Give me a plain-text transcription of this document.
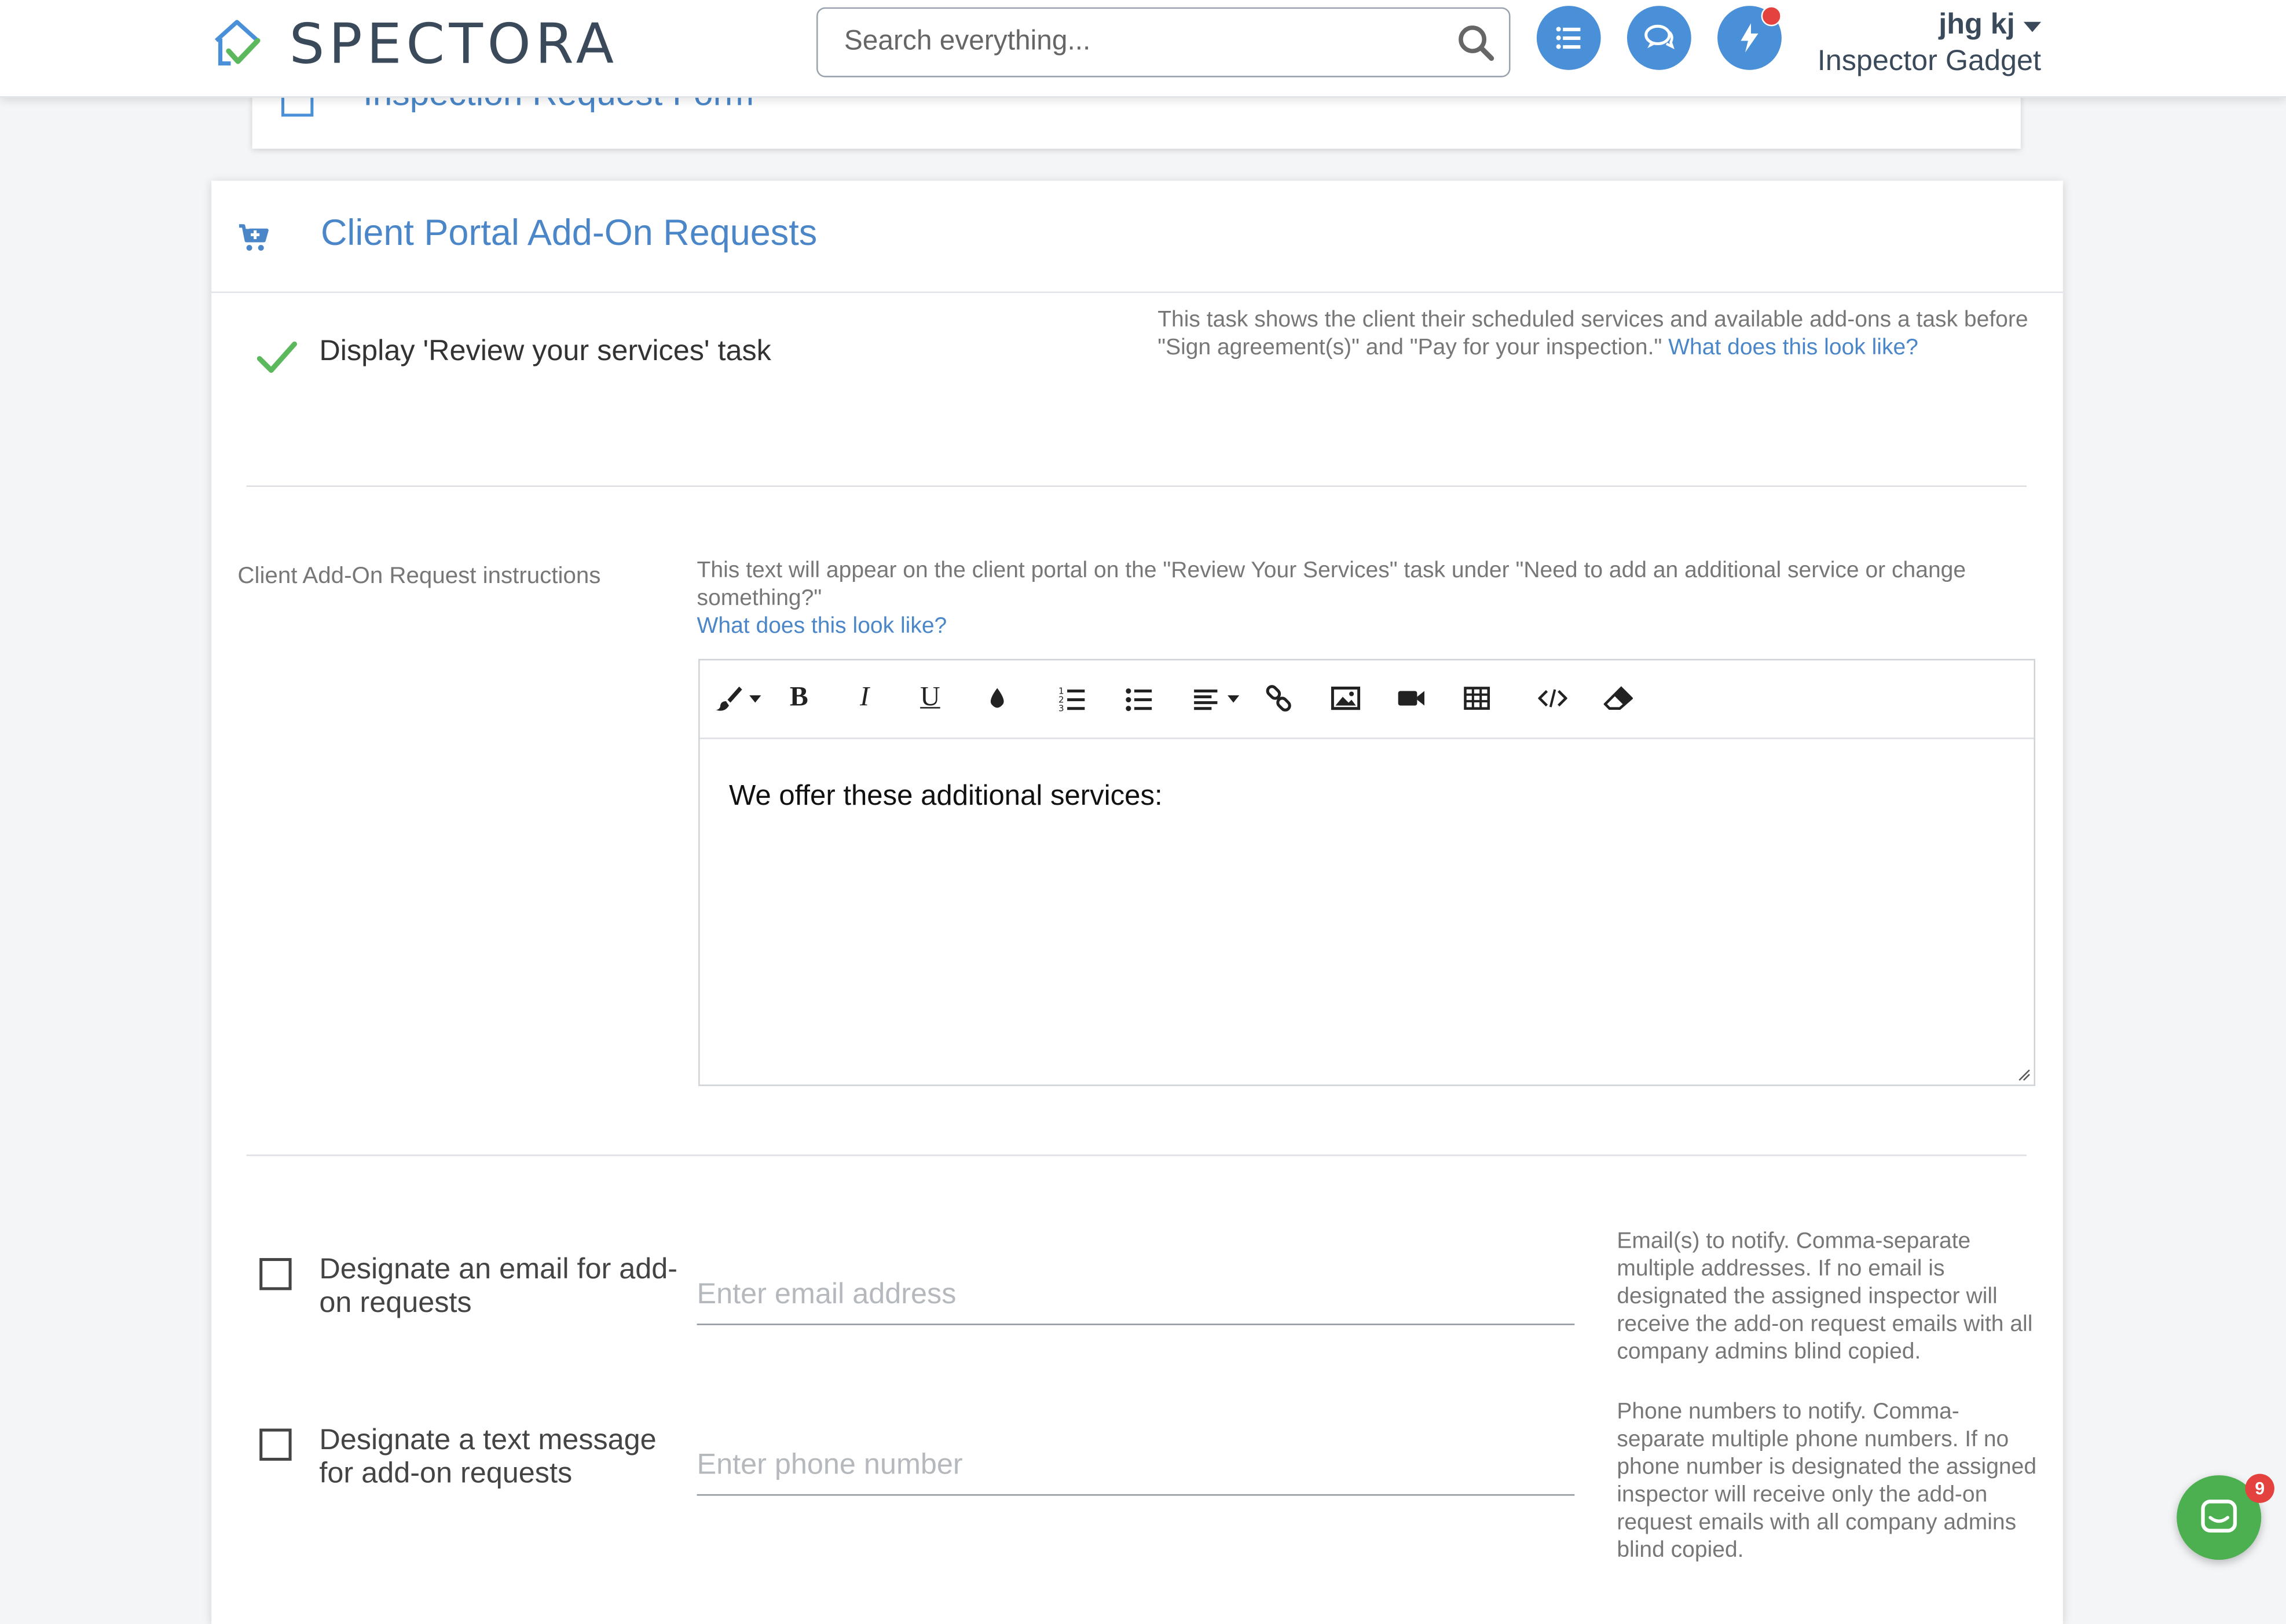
SPECTORA
Search everything...	jhg kj
Inspector Gadget
Client Portal Add-On Requests
Display 'Review your services' task
This task shows the client their scheduled services and available add-ons a task before "Sign agreement(s)" and "Pay for your inspection." What does this look like?
Client Add-On Request instructions	This text will appear on the client portal on the "Review Your Services" task under "Need to add an additional service or change something?"
What does this look like?
B	I	U	1
2
3
We offer these additional services:
Designate an email for add-on requests
Enter email address
Email(s) to notify. Comma-separate multiple addresses. If no email is designated the assigned inspector will receive the add-on request emails with all company admins blind copied.
Designate a text message for add-on requests
Enter phone number
Phone numbers to notify. Comma-separate multiple phone numbers. If no phone number is designated the assigned inspector will receive only the add-on request emails with all company admins blind copied.
9
